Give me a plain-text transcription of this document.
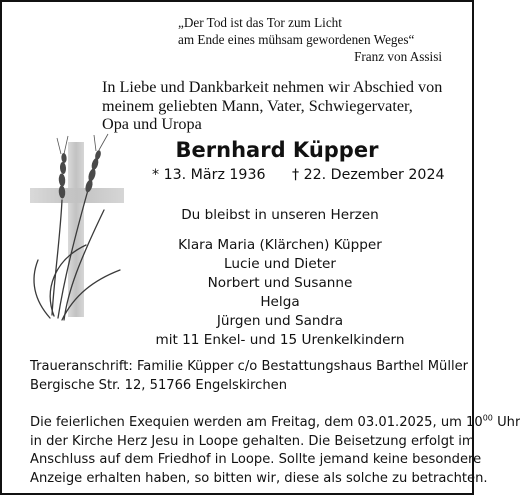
„Der Tod ist das Tor zum Licht
am Ende eines mühsam gewordenen Weges“
Franz von Assisi
In Liebe und Dankbarkeit nehmen wir Abschied von
meinem geliebten Mann, Vater, Schwiegervater,
Opa und Uropa
Bernhard Küpper
* 13. März 1936 † 22. Dezember 2024
Du bleibst in unseren Herzen
Klara Maria (Klärchen) Küpper
Lucie und Dieter
Norbert und Susanne
Helga
Jürgen und Sandra
mit 11 Enkel- und 15 Urenkelkindern
Traueranschrift: Familie Küpper c/o Bestattungshaus Barthel Müller
Bergische Str. 12, 51766 Engelskirchen
Die feierlichen Exequien werden am Freitag, dem 03.01.2025, um $10^{00}$ Uhr
in der Kirche Herz Jesu in Loope gehalten. Die Beisetzung erfolgt im
Anschluss auf dem Friedhof in Loope. Sollte jemand keine besondere
Anzeige erhalten haben, so bitten wir, diese als solche zu betrachten.
